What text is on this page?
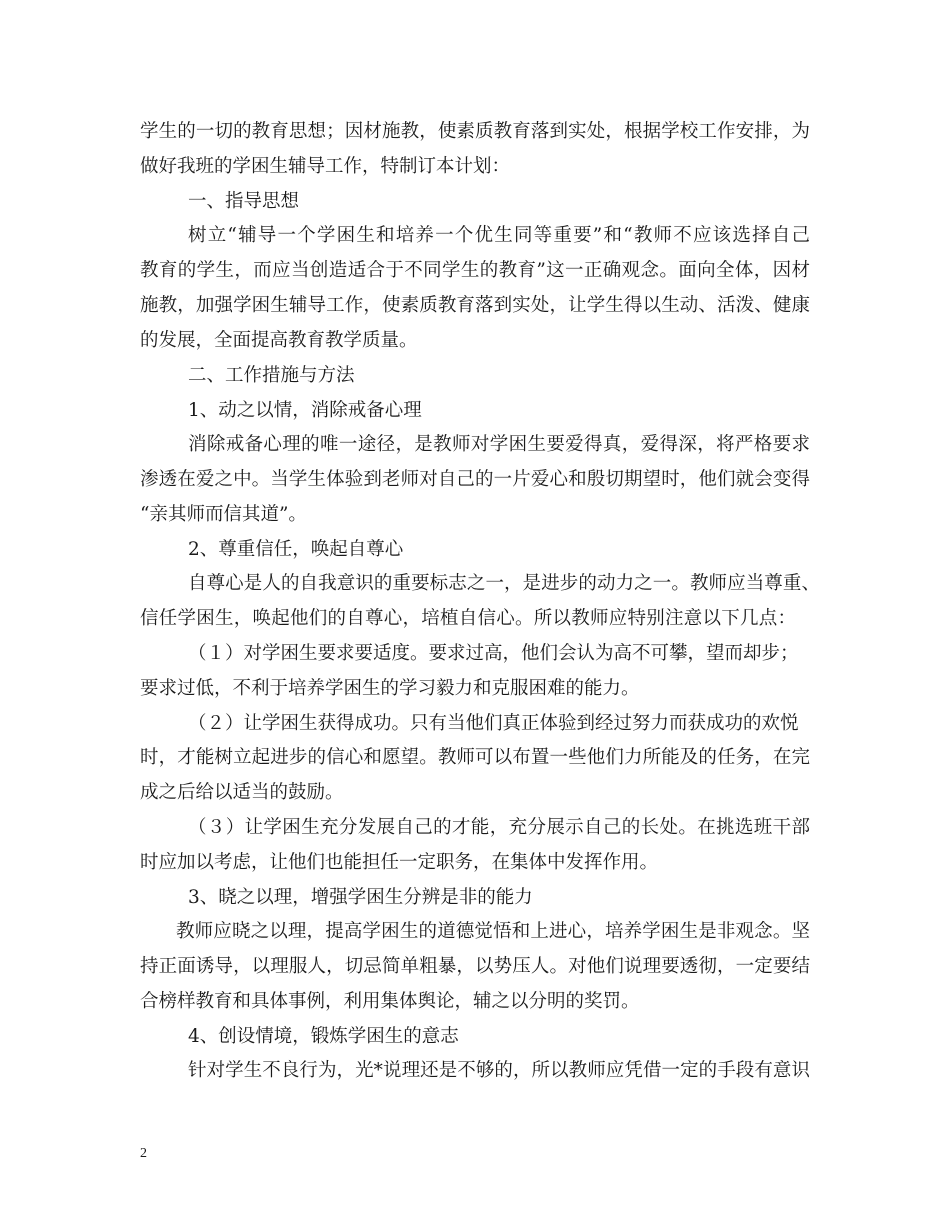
学生的一切的教育思想；因材施教，使素质教育落到实处，根据学校工作安排，为
做好我班的学困生辅导工作，特制订本计划：
一、指导思想
树立“辅导一个学困生和培养一个优生同等重要”和“教师不应该选择自己
教育的学生，而应当创造适合于不同学生的教育”这一正确观念。面向全体，因材
施教，加强学困生辅导工作，使素质教育落到实处，让学生得以生动、活泼、健康
的发展，全面提高教育教学质量。
二、工作措施与方法
1、动之以情，消除戒备心理
消除戒备心理的唯一途径，是教师对学困生要爱得真，爱得深，将严格要求
渗透在爱之中。当学生体验到老师对自己的一片爱心和殷切期望时，他们就会变得
“亲其师而信其道”。
2、尊重信任，唤起自尊心
自尊心是人的自我意识的重要标志之一，是进步的动力之一。教师应当尊重、
信任学困生，唤起他们的自尊心，培植自信心。所以教师应特别注意以下几点：
（１）对学困生要求要适度。要求过高，他们会认为高不可攀，望而却步；
要求过低，不利于培养学困生的学习毅力和克服困难的能力。
（２）让学困生获得成功。只有当他们真正体验到经过努力而获成功的欢悦
时，才能树立起进步的信心和愿望。教师可以布置一些他们力所能及的任务，在完
成之后给以适当的鼓励。
（３）让学困生充分发展自己的才能，充分展示自己的长处。在挑选班干部
时应加以考虑，让他们也能担任一定职务，在集体中发挥作用。
3、晓之以理，增强学困生分辨是非的能力
教师应晓之以理，提高学困生的道德觉悟和上进心，培养学困生是非观念。坚
持正面诱导，以理服人，切忌简单粗暴，以势压人。对他们说理要透彻，一定要结
合榜样教育和具体事例，利用集体舆论，辅之以分明的奖罚。
4、创设情境，锻炼学困生的意志
针对学生不良行为，光*说理还是不够的，所以教师应凭借一定的手段有意识
2
